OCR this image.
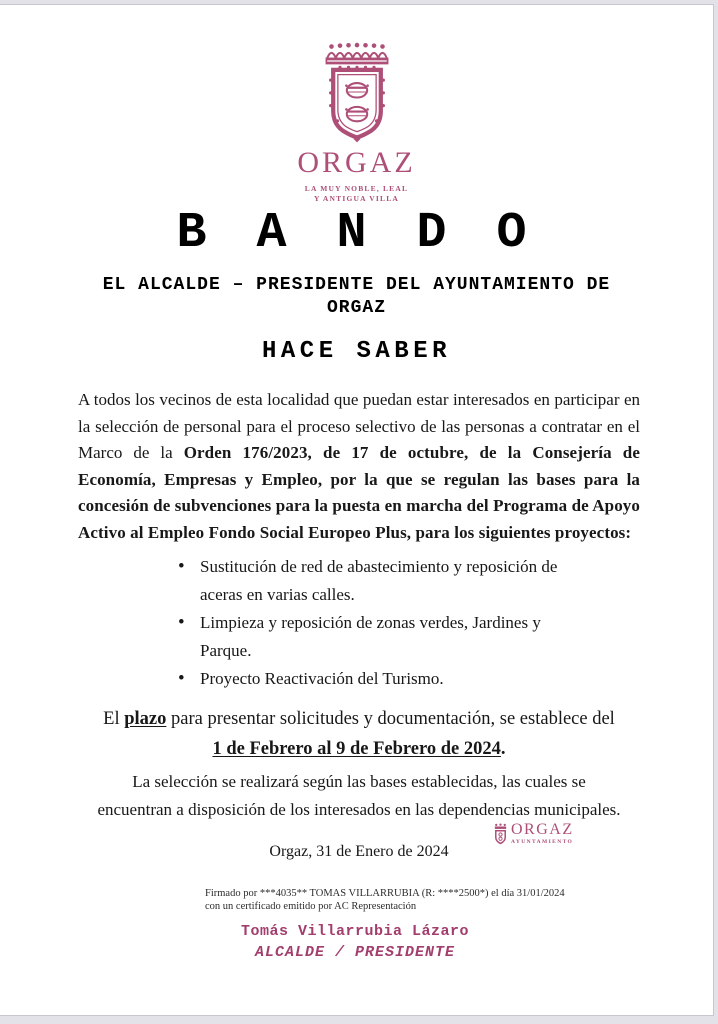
ORGAZ
LA MUY NOBLE, LEAL
Y ANTIGUA VILLA
B A N D O
EL ALCALDE – PRESIDENTE DEL AYUNTAMIENTO DE
ORGAZ
HACE SABER

A todos los vecinos de esta localidad que puedan estar interesados en participar en la selección de personal para el proceso selectivo de las personas a contratar en el Marco de la Orden 176/2023, de 17 de octubre, de la Consejería de Economía, Empresas y Empleo, por la que se regulan las bases para la concesión de subvenciones para la puesta en marcha del Programa de Apoyo Activo al Empleo Fondo Social Europeo Plus, para los siguientes proyectos:

• Sustitución de red de abastecimiento y reposición de aceras en varias calles.
• Limpieza y reposición de zonas verdes, Jardines y Parque.
• Proyecto Reactivación del Turismo.

El plazo para presentar solicitudes y documentación, se establece del
1 de Febrero al 9 de Febrero de 2024.

La selección se realizará según las bases establecidas, las cuales se encuentran a disposición de los interesados en las dependencias municipales.

Orgaz, 31 de Enero de 2024

Firmado por ***4035** TOMAS VILLARRUBIA (R: ****2500*) el día 31/01/2024
con un certificado emitido por AC Representación
Tomás Villarrubia Lázaro
ALCALDE / PRESIDENTE
ORGAZ
AYUNTAMIENTO
